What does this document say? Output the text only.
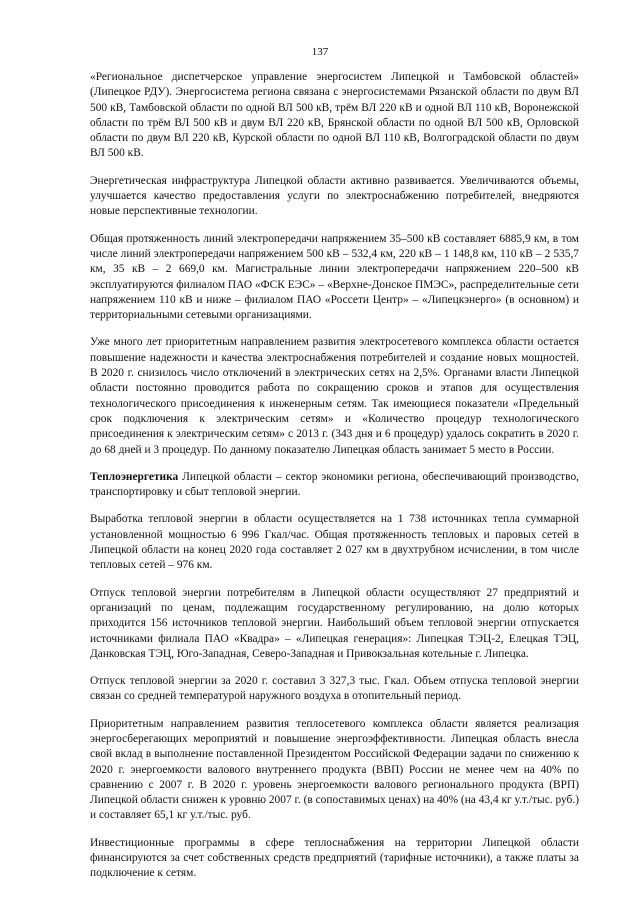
137

«Региональное диспетчерское управление энергосистем Липецкой и Тамбовской областей» (Липецкое РДУ). Энергосистема региона связана с энергосистемами Рязанской области по двум ВЛ 500 кВ, Тамбовской области по одной ВЛ 500 кВ, трём ВЛ 220 кВ и одной ВЛ 110 кВ, Воронежской области по трём ВЛ 500 кВ и двум ВЛ 220 кВ, Брянской области по одной ВЛ 500 кВ, Орловской области по двум ВЛ 220 кВ, Курской области по одной ВЛ 110 кВ, Волгоградской области по двум ВЛ 500 кВ.

Энергетическая инфраструктура Липецкой области активно развивается. Увеличиваются объемы, улучшается качество предоставления услуги по электроснабжению потребителей, внедряются новые перспективные технологии.

Общая протяженность линий электропередачи напряжением 35–500 кВ составляет 6885,9 км, в том числе линий электропередачи напряжением 500 кВ – 532,4 км, 220 кВ – 1 148,8 км, 110 кВ – 2 535,7 км, 35 кВ – 2 669,0 км. Магистральные линии электропередачи напряжением 220–500 кВ эксплуатируются филиалом ПАО «ФСК ЕЭС» – «Верхне-Донское ПМЭС», распределительные сети напряжением 110 кВ и ниже – филиалом ПАО «Россети Центр» – «Липецкэнерго» (в основном) и территориальными сетевыми организациями.

Уже много лет приоритетным направлением развития электросетевого комплекса области остается повышение надежности и качества электроснабжения потребителей и создание новых мощностей. В 2020 г. снизилось число отключений в электрических сетях на 2,5%. Органами власти Липецкой области постоянно проводится работа по сокращению сроков и этапов для осуществления технологического присоединения к инженерным сетям. Так имеющиеся показатели «Предельный срок подключения к электрическим сетям» и «Количество процедур технологического присоединения к электрическим сетям» с 2013 г. (343 дня и 6 процедур) удалось сократить в 2020 г. до 68 дней и 3 процедур. По данному показателю Липецкая область занимает 5 место в России.

Теплоэнергетика Липецкой области – сектор экономики региона, обеспечивающий производство, транспортировку и сбыт тепловой энергии.

Выработка тепловой энергии в области осуществляется на 1 738 источниках тепла суммарной установленной мощностью 6 996 Гкал/час. Общая протяженность тепловых и паровых сетей в Липецкой области на конец 2020 года составляет 2 027 км в двухтрубном исчислении, в том числе тепловых сетей – 976 км.

Отпуск тепловой энергии потребителям в Липецкой области осуществляют 27 предприятий и организаций по ценам, подлежащим государственному регулированию, на долю которых приходится 156 источников тепловой энергии. Наибольший объем тепловой энергии отпускается источниками филиала ПАО «Квадра» – «Липецкая генерация»: Липецкая ТЭЦ-2, Елецкая ТЭЦ, Данковская ТЭЦ, Юго-Западная, Северо-Западная и Привокзальная котельные г. Липецка.

Отпуск тепловой энергии за 2020 г. составил 3 327,3 тыс. Гкал. Объем отпуска тепловой энергии связан со средней температурой наружного воздуха в отопительный период.

Приоритетным направлением развития теплосетевого комплекса области является реализация энергосберегающих мероприятий и повышение энергоэффективности. Липецкая область внесла свой вклад в выполнение поставленной Президентом Российской Федерации задачи по снижению к 2020 г. энергоемкости валового внутреннего продукта (ВВП) России не менее чем на 40% по сравнению с 2007 г. В 2020 г. уровень энергоемкости валового регионального продукта (ВРП) Липецкой области снижен к уровню 2007 г. (в сопоставимых ценах) на 40% (на 43,4 кг у.т./тыс. руб.) и составляет 65,1 кг у.т./тыс. руб.

Инвестиционные программы в сфере теплоснабжения на территории Липецкой области финансируются за счет собственных средств предприятий (тарифные источники), а также платы за подключение к сетям.
